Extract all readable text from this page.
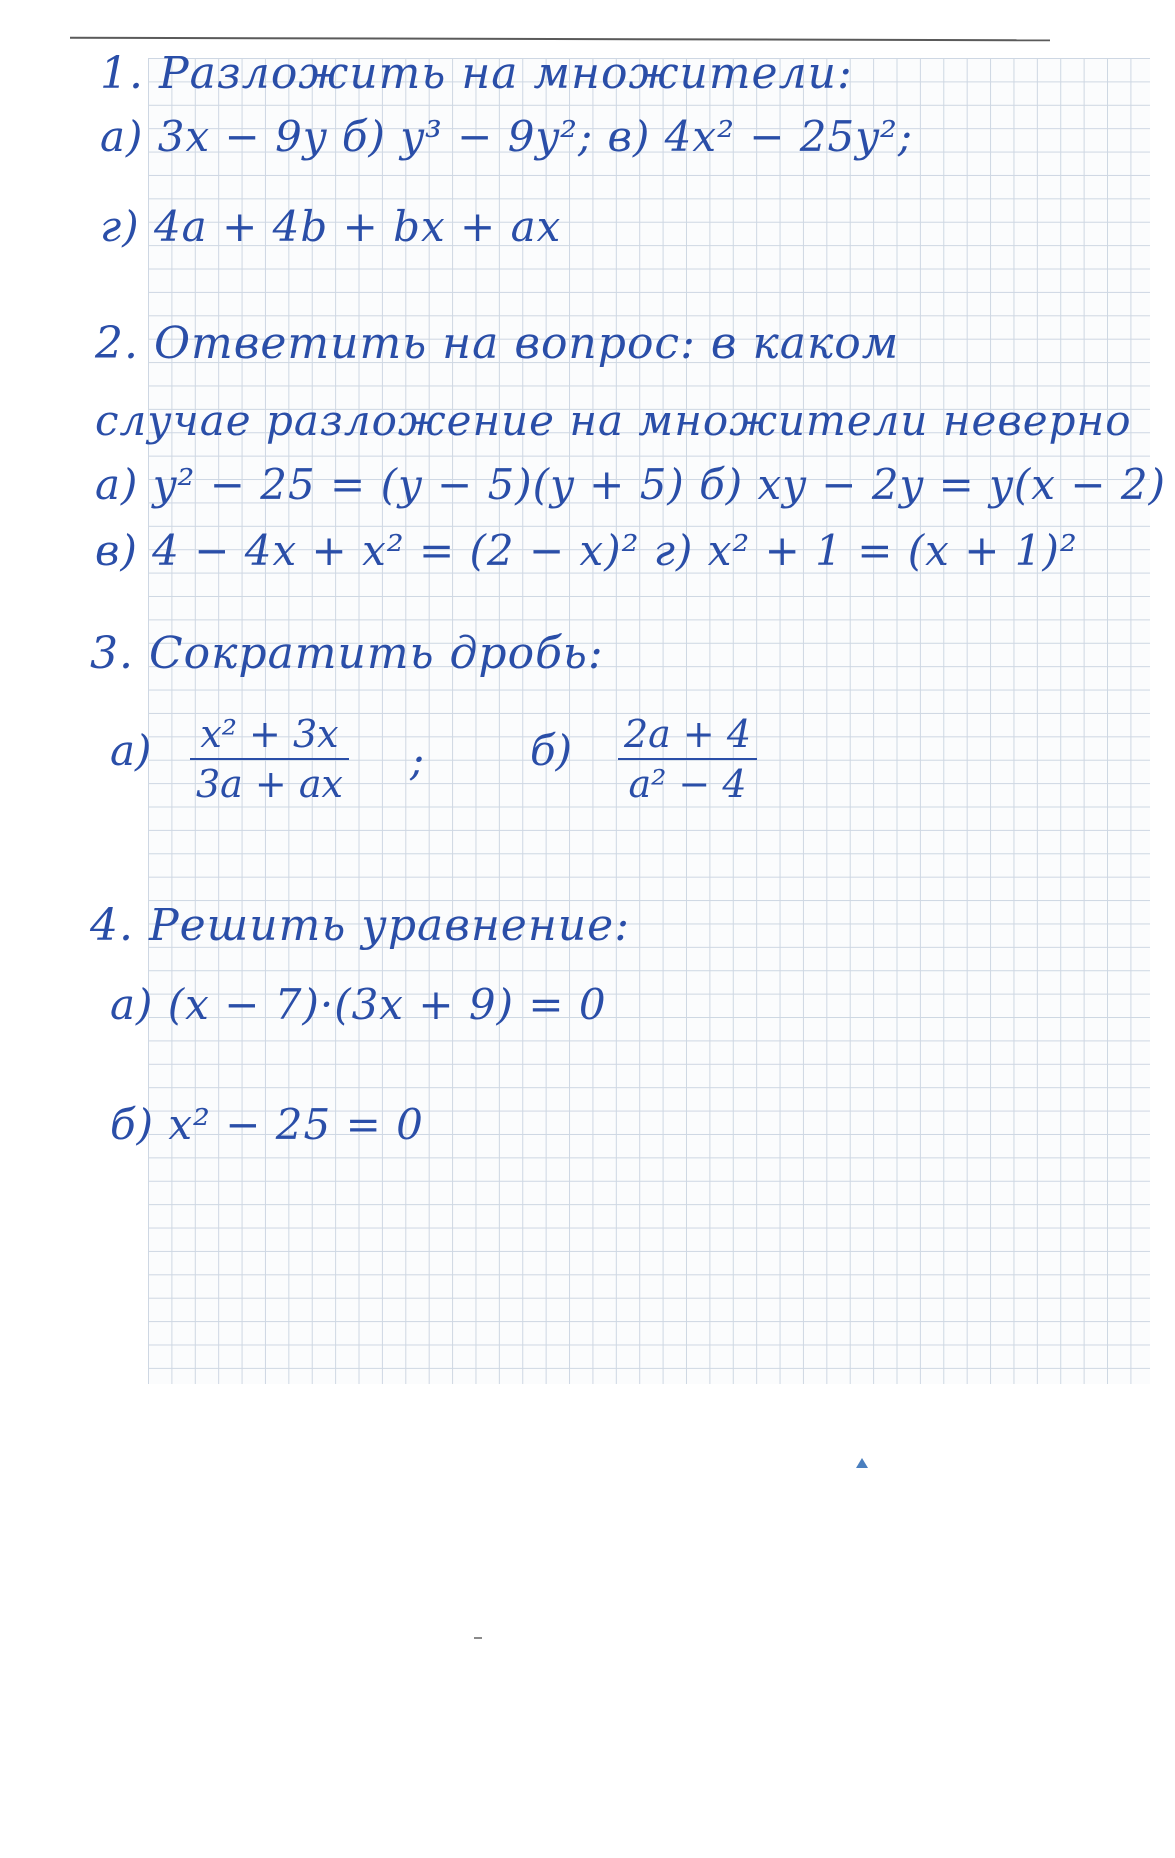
1. Разложить на множители:
а) 3x − 9y б) y³ − 9y²; в) 4x² − 25y²;
г) 4a + 4b + bx + ax
2. Ответить на вопрос: в каком
случае разложение на множители неверно
а) y² − 25 = (y − 5)(y + 5) б) xy − 2y = y(x − 2)
в) 4 − 4x + x² = (2 − x)² г) x² + 1 = (x + 1)²
3. Сократить дробь:
а) x² + 3x
3a + ax ;	б) 2a + 4
a² − 4
4. Решить уравнение:
а) (x − 7)·(3x + 9) = 0
б) x² − 25 = 0
